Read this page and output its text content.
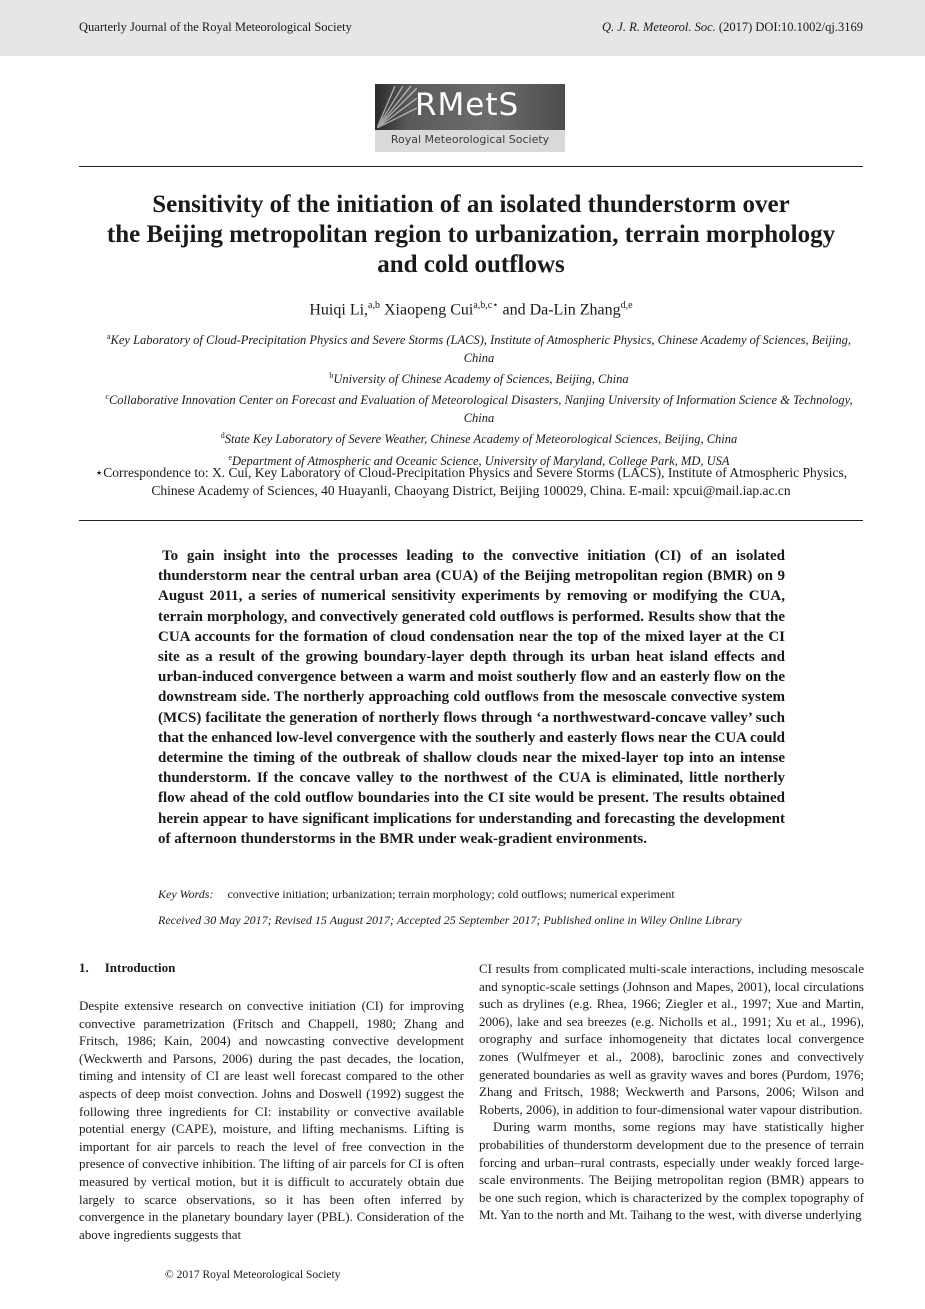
Quarterly Journal of the Royal Meteorological Society	Q. J. R. Meteorol. Soc. (2017) DOI:10.1002/qj.3169
RMetS
Royal Meteorological Society
Sensitivity of the initiation of an isolated thunderstorm over
the Beijing metropolitan region to urbanization, terrain morphology
and cold outflows
Huiqi Li,$^{a,b}$ Xiaopeng Cui$^{a,b,c⋆}$ and Da-Lin Zhang$^{d,e}$
$^a$Key Laboratory of Cloud-Precipitation Physics and Severe Storms (LACS), Institute of Atmospheric Physics, Chinese Academy of Sciences, Beijing, China
$^b$University of Chinese Academy of Sciences, Beijing, China
$^c$Collaborative Innovation Center on Forecast and Evaluation of Meteorological Disasters, Nanjing University of Information Science & Technology, China
$^d$State Key Laboratory of Severe Weather, Chinese Academy of Meteorological Sciences, Beijing, China
$^e$Department of Atmospheric and Oceanic Science, University of Maryland, College Park, MD, USA
⋆Correspondence to: X. Cui, Key Laboratory of Cloud-Precipitation Physics and Severe Storms (LACS), Institute of Atmospheric Physics, Chinese Academy of Sciences, 40 Huayanli, Chaoyang District, Beijing 100029, China. E-mail: xpcui@mail.iap.ac.cn
To gain insight into the processes leading to the convective initiation (CI) of an isolated thunderstorm near the central urban area (CUA) of the Beijing metropolitan region (BMR) on 9 August 2011, a series of numerical sensitivity experiments by removing or modifying the CUA, terrain morphology, and convectively generated cold outflows is performed. Results show that the CUA accounts for the formation of cloud condensation near the top of the mixed layer at the CI site as a result of the growing boundary-layer depth through its urban heat island effects and urban-induced convergence between a warm and moist southerly flow and an easterly flow on the downstream side. The northerly approaching cold outflows from the mesoscale convective system (MCS) facilitate the generation of northerly flows through ‘a northwestward-concave valley’ such that the enhanced low-level convergence with the southerly and easterly flows near the CUA could determine the timing of the outbreak of shallow clouds near the mixed-layer top into an intense thunderstorm. If the concave valley to the northwest of the CUA is eliminated, little northerly flow ahead of the cold outflow boundaries into the CI site would be present. The results obtained herein appear to have significant implications for understanding and forecasting the development of afternoon thunderstorms in the BMR under weak-gradient environments.
Key Words: convective initiation; urbanization; terrain morphology; cold outflows; numerical experiment
Received 30 May 2017; Revised 15 August 2017; Accepted 25 September 2017; Published online in Wiley Online Library
1. Introduction

Despite extensive research on convective initiation (CI) for improving convective parametrization (Fritsch and Chappell, 1980; Zhang and Fritsch, 1986; Kain, 2004) and nowcasting convective development (Weckwerth and Parsons, 2006) during the past decades, the location, timing and intensity of CI are least well forecast compared to the other aspects of deep moist convection. Johns and Doswell (1992) suggest the following three ingredients for CI: instability or convective available potential energy (CAPE), moisture, and lifting mechanisms. Lifting is important for air parcels to reach the level of free convection in the presence of convective inhibition. The lifting of air parcels for CI is often measured by vertical motion, but it is difficult to accurately obtain due largely to scarce observations, so it has been often inferred by convergence in the planetary boundary layer (PBL). Consideration of the above ingredients suggests that

CI results from complicated multi-scale interactions, including mesoscale and synoptic-scale settings (Johnson and Mapes, 2001), local circulations such as drylines (e.g. Rhea, 1966; Ziegler et al., 1997; Xue and Martin, 2006), lake and sea breezes (e.g. Nicholls et al., 1991; Xu et al., 1996), orography and surface inhomogeneity that dictates local convergence zones (Wulfmeyer et al., 2008), baroclinic zones and convectively generated boundaries as well as gravity waves and bores (Purdom, 1976; Zhang and Fritsch, 1988; Weckwerth and Parsons, 2006; Wilson and Roberts, 2006), in addition to four-dimensional water vapour distribution.

During warm months, some regions may have statistically higher probabilities of thunderstorm development due to the presence of terrain forcing and urban–rural contrasts, especially under weakly forced large-scale environments. The Beijing metropolitan region (BMR) appears to be one such region, which is characterized by the complex topography of Mt. Yan to the north and Mt. Taihang to the west, with diverse underlying

© 2017 Royal Meteorological Society
